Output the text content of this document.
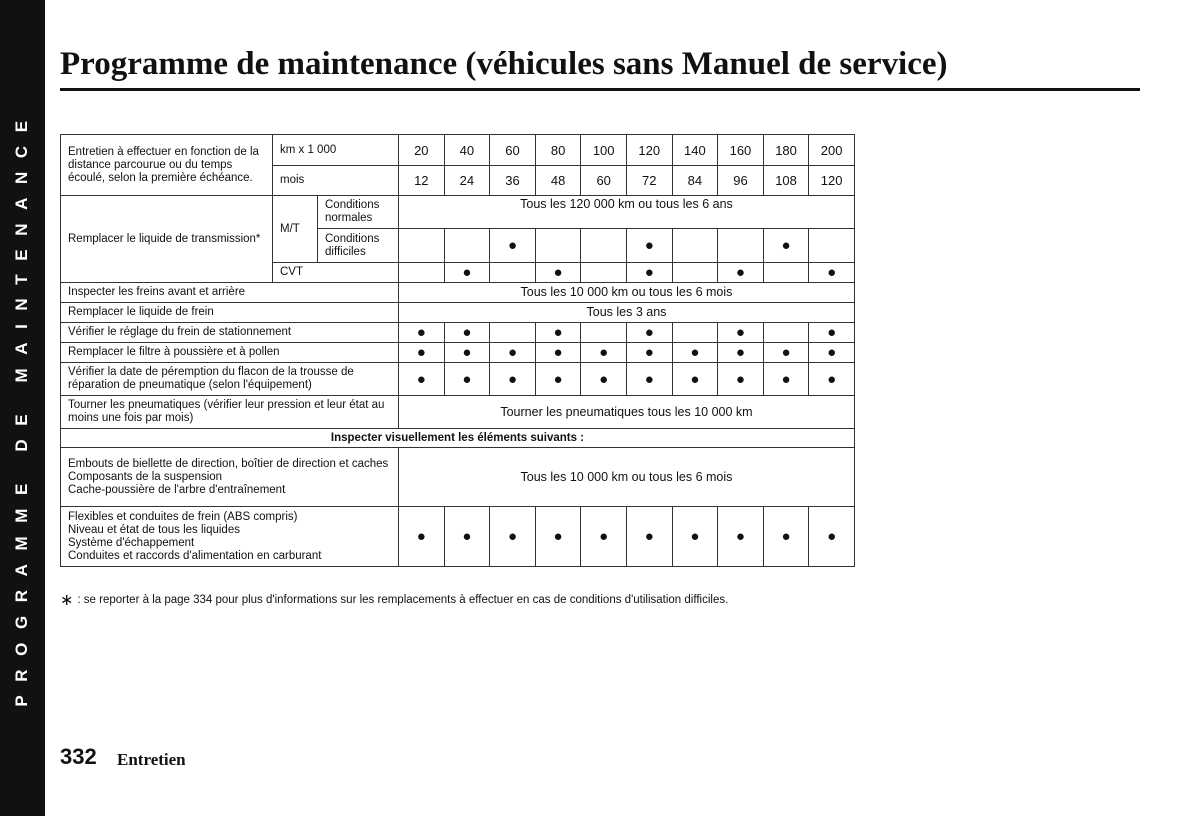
PROGRAMME DE MAINTENANCE
Programme de maintenance (véhicules sans Manuel de service)
Entretien à effectuer en fonction de la distance parcourue ou du temps écoulé, selon la première échéance.	km x 1 000		20	40	60	80	100	120	140	160	180	200
	mois		12	24	36	48	60	72	84	96	108	120
Remplacer le liquide de transmission*	M/T	Conditions normales	Tous les 120 000 km ou tous les 6 ans									
		Conditions difficiles			●			●			●	
	CVT			●		●		●		●		●
Inspecter les freins avant et arrière			Tous les 10 000 km ou tous les 6 mois									
Remplacer le liquide de frein			Tous les 3 ans									
Vérifier le réglage du frein de stationnement			●	●		●		●		●		●
Remplacer le filtre à poussière et à pollen			●	●	●	●	●	●	●	●	●	●
Vérifier la date de péremption du flacon de la trousse de réparation de pneumatique (selon l'équipement)			●	●	●	●	●	●	●	●	●	●
Tourner les pneumatiques (vérifier leur pression et leur état au moins une fois par mois)			Tourner les pneumatiques tous les 10 000 km									
Inspecter visuellement les éléments suivants :												

Embouts de biellette de direction, boîtier de direction et caches
Composants de la suspension
Cache-poussière de l'arbre d'entraînement			Tous les 10 000 km ou tous les 6 mois									

Flexibles et conduites de frein (ABS compris)
Niveau et état de tous les liquides
Système d'échappement
Conduites et raccords d'alimentation en carburant			●	●	●	●	●	●	●	●	●	●
∗ : se reporter à la page 334 pour plus d'informations sur les remplacements à effectuer en cas de conditions d'utilisation difficiles.
332 Entretien
